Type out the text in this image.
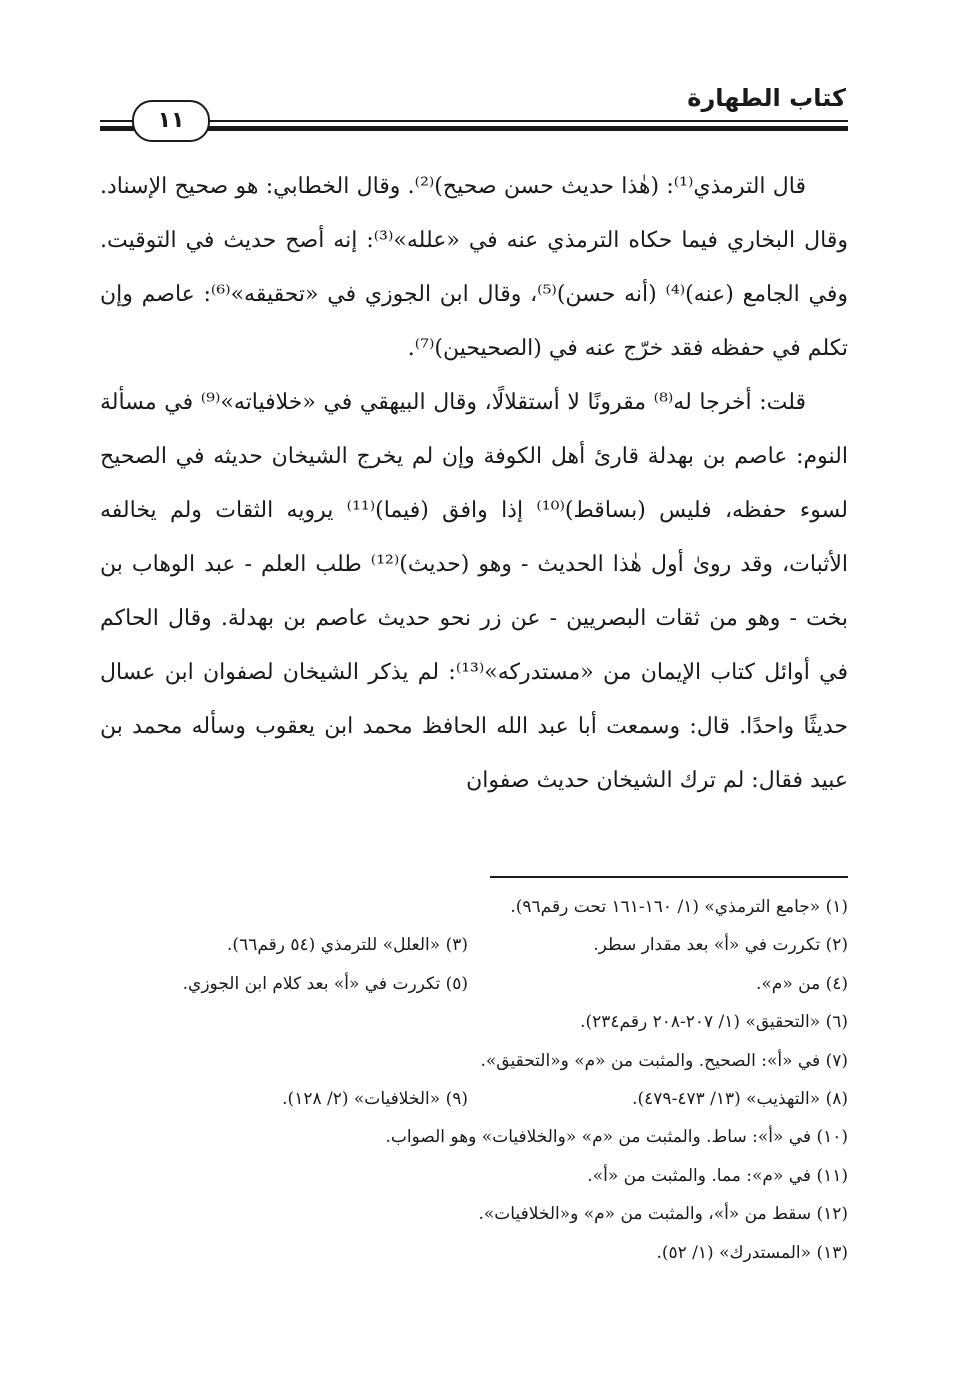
كتاب الطهارة
١١

قال الترمذي⁽¹⁾: (هٰذا حديث حسن صحيح)⁽²⁾. وقال الخطابي: هو صحيح الإسناد. وقال البخاري فيما حكاه الترمذي عنه في «علله»⁽³⁾: إنه أصح حديث في التوقيت. وفي الجامع (عنه)⁽⁴⁾ (أنه حسن)⁽⁵⁾، وقال ابن الجوزي في «تحقيقه»⁽⁶⁾: عاصم وإن تكلم في حفظه فقد خرّج عنه في (الصحيحين)⁽⁷⁾.

قلت: أخرجا له⁽⁸⁾ مقرونًا لا أستقلالًا، وقال البيهقي في «خلافياته»⁽⁹⁾ في مسألة النوم: عاصم بن بهدلة قارئ أهل الكوفة وإن لم يخرج الشيخان حديثه في الصحيح لسوء حفظه، فليس (بساقط)⁽¹⁰⁾ إذا وافق (فيما)⁽¹¹⁾ يرويه الثقات ولم يخالفه الأثبات، وقد روىٰ أول هٰذا الحديث - وهو (حديث)⁽¹²⁾ طلب العلم - عبد الوهاب بن بخت - وهو من ثقات البصريين - عن زر نحو حديث عاصم بن بهدلة. وقال الحاكم في أوائل كتاب الإيمان من «مستدركه»⁽¹³⁾: لم يذكر الشيخان لصفوان ابن عسال حديثًا واحدًا. قال: وسمعت أبا عبد الله الحافظ محمد ابن يعقوب وسأله محمد بن عبيد فقال: لم ترك الشيخان حديث صفوان

(١) «جامع الترمذي» (١/ ١٦٠-١٦١ تحت رقم٩٦).
(٢) تكررت في «أ» بعد مقدار سطر.(٣) «العلل» للترمذي (٥٤ رقم٦٦).
(٤) من «م».(٥) تكررت في «أ» بعد كلام ابن الجوزي.
(٦) «التحقيق» (١/ ٢٠٧-٢٠٨ رقم٢٣٤).
(٧) في «أ»: الصحيح. والمثبت من «م» و«التحقيق».
(٨) «التهذيب» (١٣/ ٤٧٣-٤٧٩).(٩) «الخلافيات» (٢/ ١٢٨).
(١٠) في «أ»: ساط. والمثبت من «م» «والخلافيات» وهو الصواب.
(١١) في «م»: مما. والمثبت من «أ».
(١٢) سقط من «أ»، والمثبت من «م» و«الخلافيات».
(١٣) «المستدرك» (١/ ٥٢).
